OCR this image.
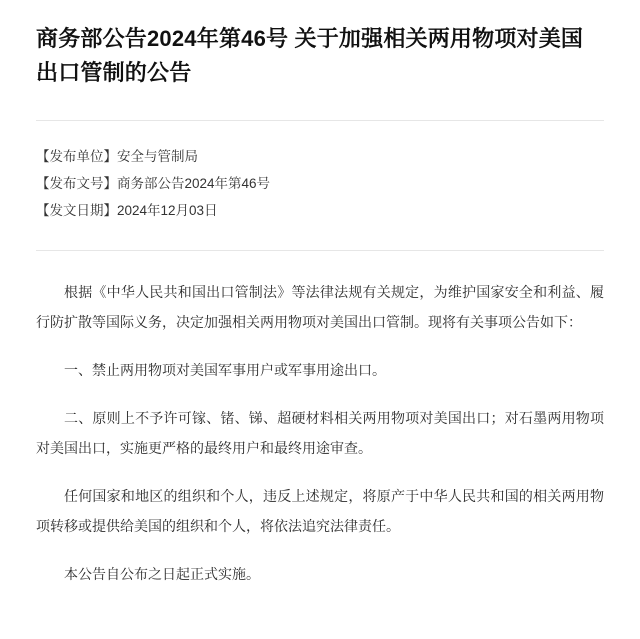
商务部公告2024年第46号 关于加强相关两用物项对美国出口管制的公告
【发布单位】安全与管制局
【发布文号】商务部公告2024年第46号
【发文日期】2024年12月03日

根据《中华人民共和国出口管制法》等法律法规有关规定，为维护国家安全和利益、履行防扩散等国际义务，决定加强相关两用物项对美国出口管制。现将有关事项公告如下：

一、禁止两用物项对美国军事用户或军事用途出口。

二、原则上不予许可镓、锗、锑、超硬材料相关两用物项对美国出口；对石墨两用物项对美国出口，实施更严格的最终用户和最终用途审查。

任何国家和地区的组织和个人，违反上述规定，将原产于中华人民共和国的相关两用物项转移或提供给美国的组织和个人，将依法追究法律责任。

本公告自公布之日起正式实施。
